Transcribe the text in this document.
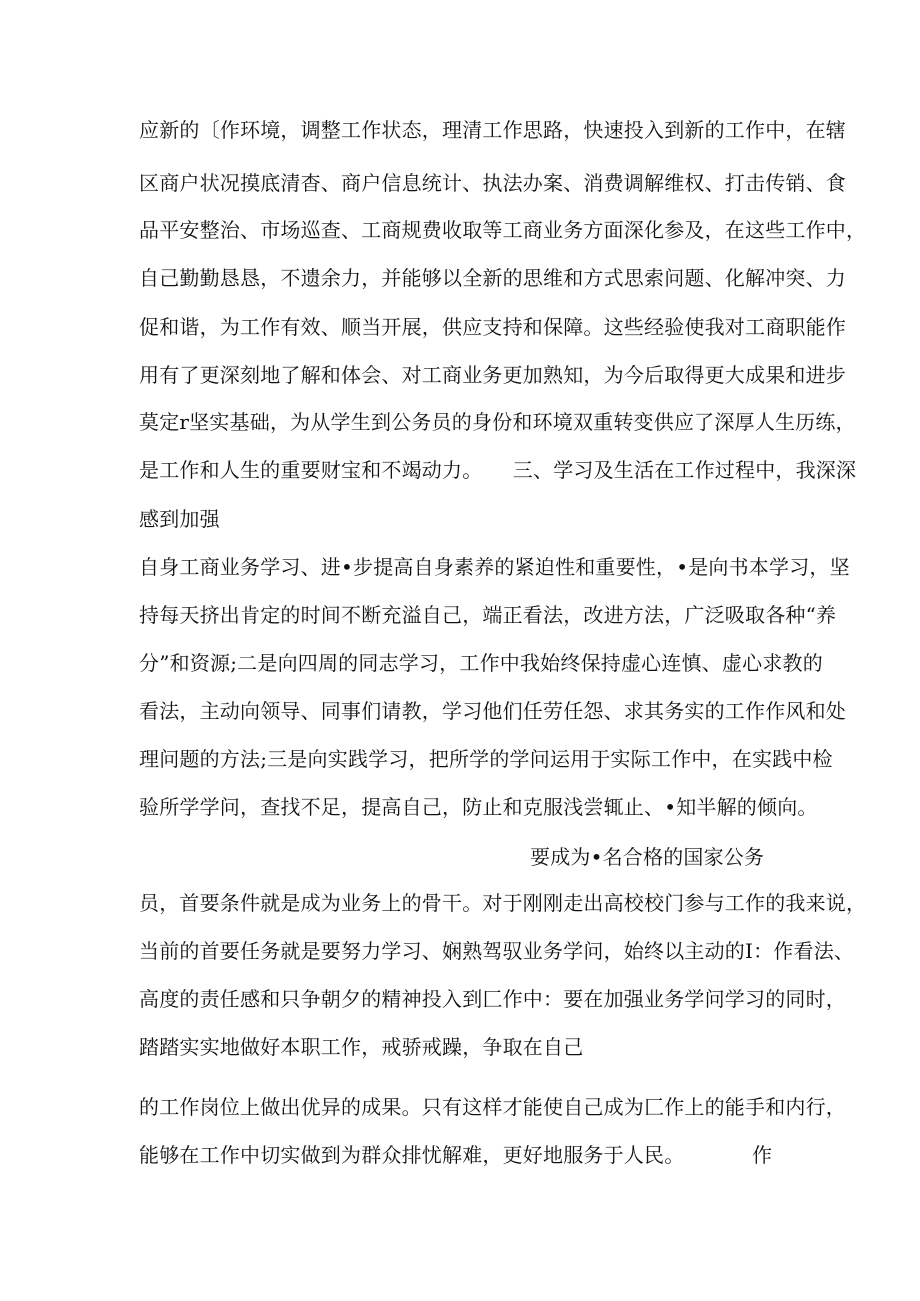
应新的〔作环境，调整工作状态，理清工作思路，快速投入到新的工作中，在辖

区商户状况摸底清杳、商户信息统计、执法办案、消费调解维权、打击传销、食

品平安整治、市场巡查、工商规费收取等工商业务方面深化参及，在这些工作中，

自己勤勤恳恳，不遗余力，并能够以全新的思维和方式思索问题、化解冲突、力

促和谐，为工作有效、顺当开展，供应支持和保障。这些经验使我对工商职能作

用有了更深刻地了解和体会、对工商业务更加熟知，为今后取得更大成果和进步

莫定r坚实基础，为从学生到公务员的身份和环境双重转变供应了深厚人生历练，

是工作和人生的重要财宝和不竭动力。　　三、学习及生活在工作过程中，我深深

感到加强

自身工商业务学习、进•步提高自身素养的紧迫性和重要性，•是向书本学习，坚

持每天挤出肯定的时间不断充溢自己，端正看法，改进方法，广泛吸取各种“养

分”和资源;二是向四周的同志学习，工作中我始终保持虚心连慎、虚心求教的

看法，主动向领导、同事们请教，学习他们任劳任怨、求其务实的工作作风和处

理问题的方法;三是向实践学习，把所学的学问运用于实际工作中，在实践中检

验所学学问，查找不足，提高自己，防止和克服浅尝辄止、•知半解的倾向。

要成为•名合格的国家公务

员，首要条件就是成为业务上的骨干。对于刚刚走出高校校门参与工作的我来说，

当前的首要任务就是要努力学习、娴熟驾驭业务学问，始终以主动的I：作看法、

高度的责任感和只争朝夕的精神投入到匚作中：要在加强业务学问学习的同时，

踏踏实实地做好本职工作，戒骄戒躁，争取在自己

的工作岗位上做出优异的成果。只有这样才能使自己成为匚作上的能手和内行，

能够在工作中切实做到为群众排忧解难，更好地服务于人民。	作
